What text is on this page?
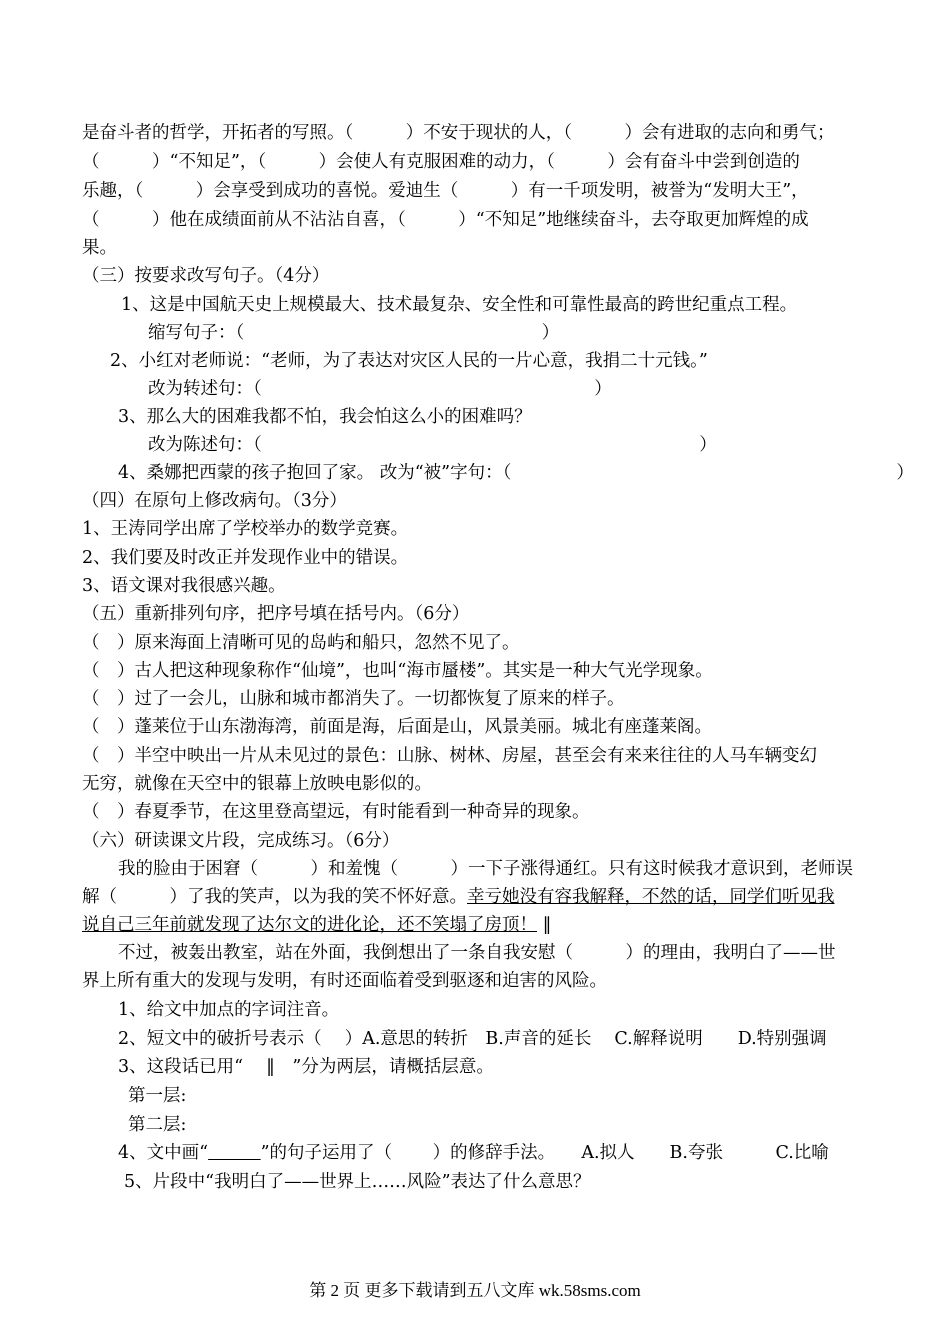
是奋斗者的哲学，开拓者的写照。（　　　）不安于现状的人，（　　　）会有进取的志向和勇气；
（　　　）“不知足”，（　　　）会使人有克服困难的动力，（　　　）会有奋斗中尝到创造的
乐趣，（　　　）会享受到成功的喜悦。爱迪生（　　　）有一千项发明，被誉为“发明大王”，
（　　　）他在成绩面前从不沾沾自喜，（　　　）“不知足”地继续奋斗，去夺取更加辉煌的成
果。
（三）按要求改写句子。（4分）
1、这是中国航天史上规模最大、技术最复杂、安全性和可靠性最高的跨世纪重点工程。
缩写句子：（　　　　　　　　　　　　　　　　　）
2、小红对老师说：“老师，为了表达对灾区人民的一片心意，我捐二十元钱。”
改为转述句：（　　　　　　　　　　　　　　　　　　　）
3、那么大的困难我都不怕，我会怕这么小的困难吗？
改为陈述句：（　　　　　　　　　　　　　　　　　　　　　　　　　）
4、桑娜把西蒙的孩子抱回了家。 改为“被”字句：（　　　　　　　　　　　　　　　　　　　　　　）
（四）在原句上修改病句。（3分）
1、王涛同学出席了学校举办的数学竞赛。
2、我们要及时改正并发现作业中的错误。
3、语文课对我很感兴趣。
（五）重新排列句序，把序号填在括号内。（6分）
（　）原来海面上清晰可见的岛屿和船只，忽然不见了。
（　）古人把这种现象称作“仙境”，也叫“海市蜃楼”。其实是一种大气光学现象。
（　）过了一会儿，山脉和城市都消失了。一切都恢复了原来的样子。
（　）蓬莱位于山东渤海湾，前面是海，后面是山，风景美丽。城北有座蓬莱阁。
（　）半空中映出一片从未见过的景色：山脉、树林、房屋，甚至会有来来往往的人马车辆变幻
无穷，就像在天空中的银幕上放映电影似的。
（　）春夏季节，在这里登高望远，有时能看到一种奇异的现象。
（六）研读课文片段，完成练习。（6分）
我的脸由于困窘（　　　）和羞愧（　　　）一下子涨得通红。只有这时候我才意识到，老师误
解（　　　）了我的笑声，以为我的笑不怀好意。幸亏她没有容我解释，不然的话，同学们听见我
说自己三年前就发现了达尔文的进化论，还不笑塌了房顶！ ‖
不过，被轰出教室，站在外面，我倒想出了一条自我安慰（　　　）的理由，我明白了——世
界上所有重大的发现与发明，有时还面临着受到驱逐和迫害的风险。
1、给文中加点的字词注音。
2、短文中的破折号表示（　 ）A.意思的转折　B.声音的延长　 C.解释说明　　D.特别强调
3、这段话已用“　 ‖　”分为两层，请概括层意。
第一层:
第二层:
4、文中画“　　　	”的句子运用了（　　 ）的修辞手法。　　A.拟人　　B.夸张　　　C.比喻
5、片段中“我明白了——世界上……风险”表达了什么意思？
第 2 页 更多下载请到五八文库 wk.58sms.com
